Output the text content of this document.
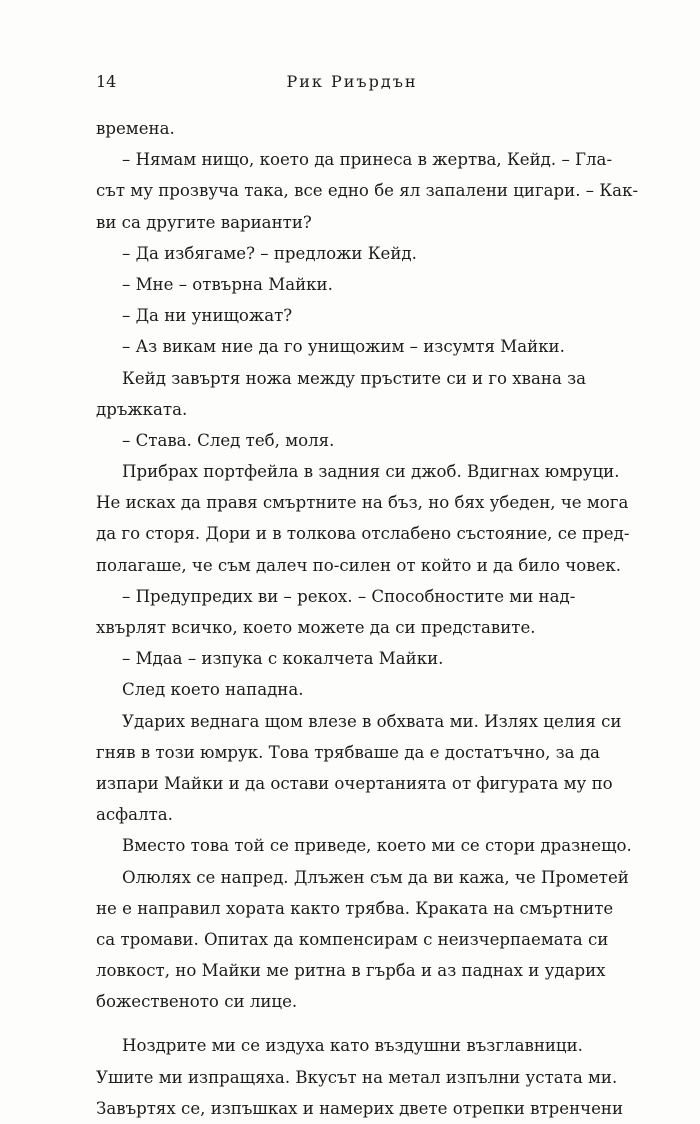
14	Рик Риърдън
времена.
– Нямам нищо, което да принеса в жертва, Кейд. – Гла-
сът му прозвуча така, все едно бе ял запалени цигари. – Как-
ви са другите варианти?
– Да избягаме? – предложи Кейд.
– Мне – отвърна Майки.
– Да ни унищожат?
– Аз викам ние да го унищожим – изсумтя Майки.
Кейд завъртя ножа между пръстите си и го хвана за
дръжката.
– Става. След теб, моля.
Прибрах портфейла в задния си джоб. Вдигнах юмруци.
Не исках да правя смъртните на бъз, но бях убеден, че мога
да го сторя. Дори и в толкова отслабено състояние, се пред-
полагаше, че съм далеч по-силен от който и да било човек.
– Предупредих ви – рекох. – Способностите ми над-
хвърлят всичко, което можете да си представите.
– Мдаа – изпука с кокалчета Майки.
След което нападна.
Ударих веднага щом влезе в обхвата ми. Излях целия си
гняв в този юмрук. Това трябваше да е достатъчно, за да
изпари Майки и да остави очертанията от фигурата му по
асфалта.
Вместо това той се приведе, което ми се стори дразнещо.
Олюлях се напред. Длъжен съм да ви кажа, че Прометей
не е направил хората както трябва. Краката на смъртните
са тромави. Опитах да компенсирам с неизчерпаемата си
ловкост, но Майки ме ритна в гърба и аз паднах и ударих
божественото си лице.
Ноздрите ми се издуха като въздушни възглавници.
Ушите ми изпращяха. Вкусът на метал изпълни устата ми.
Завъртях се, изпъшках и намерих двете отрепки втренчени
